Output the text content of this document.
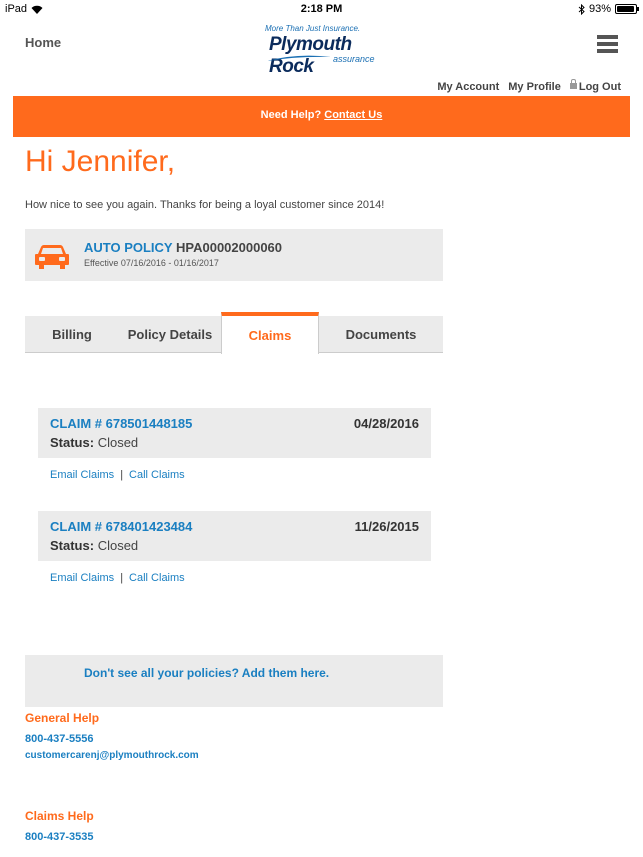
iPad	2:18 PM	93%
Home
More Than Just Insurance.
Plymouth Rock	assurance
My Account My Profile	Log Out
Need Help? Contact Us
Hi Jennifer,
How nice to see you again. Thanks for being a loyal customer since 2014!
AUTO POLICY HPA00002000060
Effective 07/16/2016 - 01/16/2017
Billing	Policy Details	Claims	Documents
CLAIM # 678501448185	04/28/2016
Status: Closed
Email Claims | Call Claims
CLAIM # 678401423484	11/26/2015
Status: Closed
Email Claims | Call Claims
Don't see all your policies? Add them here.
General Help
800-437-5556
customercarenj@plymouthrock.com
Claims Help
800-437-3535
